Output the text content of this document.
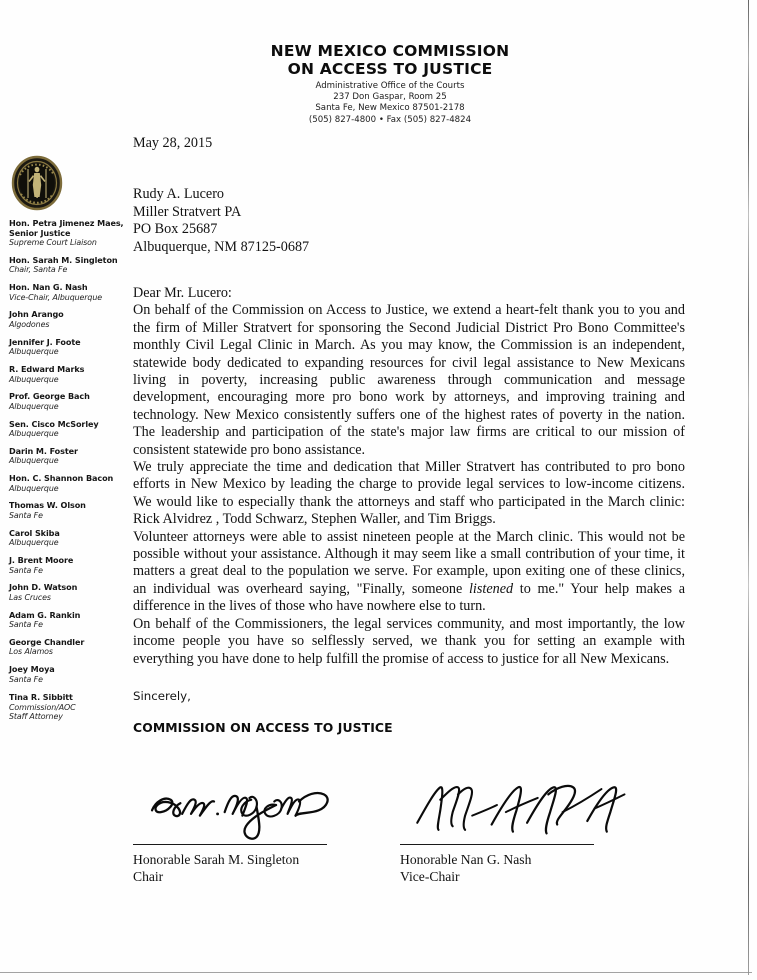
NEW MEXICO COMMISSION
ON ACCESS TO JUSTICE
Administrative Office of the Courts
237 Don Gaspar, Room 25
Santa Fe, New Mexico 87501-2178
(505) 827-4800 • Fax (505) 827-4824
Hon. Petra Jimenez Maes,
Senior Justice
Supreme Court Liaison
Hon. Sarah M. Singleton
Chair, Santa Fe
Hon. Nan G. Nash
Vice-Chair, Albuquerque
John Arango
Algodones
Jennifer J. Foote
Albuquerque
R. Edward Marks
Albuquerque
Prof. George Bach
Albuquerque
Sen. Cisco McSorley
Albuquerque
Darin M. Foster
Albuquerque
Hon. C. Shannon Bacon
Albuquerque
Thomas W. Olson
Santa Fe
Carol Skiba
Albuquerque
J. Brent Moore
Santa Fe
John D. Watson
Las Cruces
Adam G. Rankin
Santa Fe
George Chandler
Los Alamos
Joey Moya
Santa Fe
Tina R. Sibbitt
Commission/AOC
Staff Attorney
May 28, 2015
Rudy A. Lucero
Miller Stratvert PA
PO Box 25687
Albuquerque, NM 87125-0687
Dear Mr. Lucero:

On behalf of the Commission on Access to Justice, we extend a heart-felt thank you to you and the firm of Miller Stratvert for sponsoring the Second Judicial District Pro Bono Committee's monthly Civil Legal Clinic in March. As you may know, the Commission is an independent, statewide body dedicated to expanding resources for civil legal assistance to New Mexicans living in poverty, increasing public awareness through communication and message development, encouraging more pro bono work by attorneys, and improving training and technology. New Mexico consistently suffers one of the highest rates of poverty in the nation. The leadership and participation of the state's major law firms are critical to our mission of consistent statewide pro bono assistance.

We truly appreciate the time and dedication that Miller Stratvert has contributed to pro bono efforts in New Mexico by leading the charge to provide legal services to low-income citizens. We would like to especially thank the attorneys and staff who participated in the March clinic: Rick Alvidrez , Todd Schwarz, Stephen Waller, and Tim Briggs.

Volunteer attorneys were able to assist nineteen people at the March clinic. This would not be possible without your assistance. Although it may seem like a small contribution of your time, it matters a great deal to the population we serve. For example, upon exiting one of these clinics, an individual was overheard saying, "Finally, someone listened to me." Your help makes a difference in the lives of those who have nowhere else to turn.

On behalf of the Commissioners, the legal services community, and most importantly, the low income people you have so selflessly served, we thank you for setting an example with everything you have done to help fulfill the promise of access to justice for all New Mexicans.

Sincerely,
COMMISSION ON ACCESS TO JUSTICE
Honorable Sarah M. Singleton
Chair
Honorable Nan G. Nash
Vice-Chair
